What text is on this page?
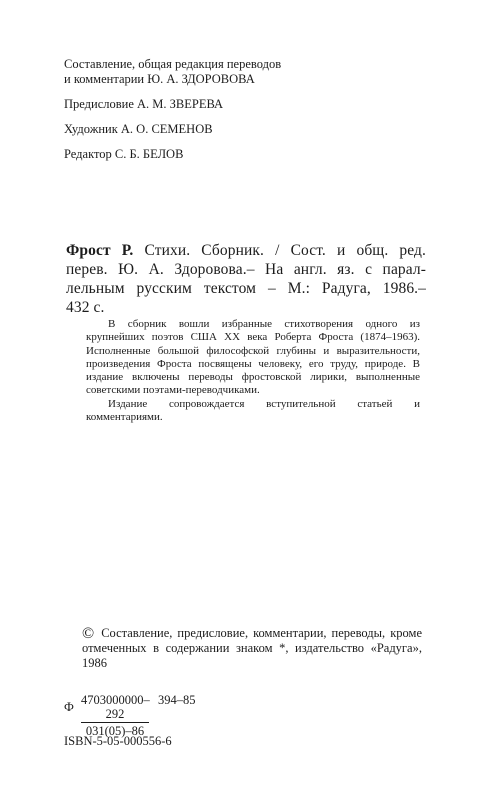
Составление, общая редакция переводов

и комментарии Ю. А. ЗДОРОВОВА

Предисловие А. М. ЗВЕРЕВА

Художник А. О. СЕМЕНОВ

Редактор С. Б. БЕЛОВ

Фрост Р. Стихи. Сборник. / Сост. и общ. ред.
перев. Ю. А. Здоровова.– На англ. яз. с парал-
лельным русским текстом – М.: Радуга, 1986.–
432 с.

В сборник вошли избранные стихотворения одного из крупнейших поэтов США XX века Роберта Фроста (1874–1963). Исполненные большой философской глубины и выразительности, произведения Фроста посвящены человеку, его труду, природе. В издание включены переводы фростовской лирики, выполненные советскими поэтами-переводчиками.

Издание сопровождается вступительной статьей и комментариями.

© Составление, предисловие, комментарии, переводы, кроме отмеченных в содержании знаком *, издательство «Радуга», 1986
Ф $\frac{4703000000-292}{031(05)-86} 394-85$
ISBN-5-05-000556-6
